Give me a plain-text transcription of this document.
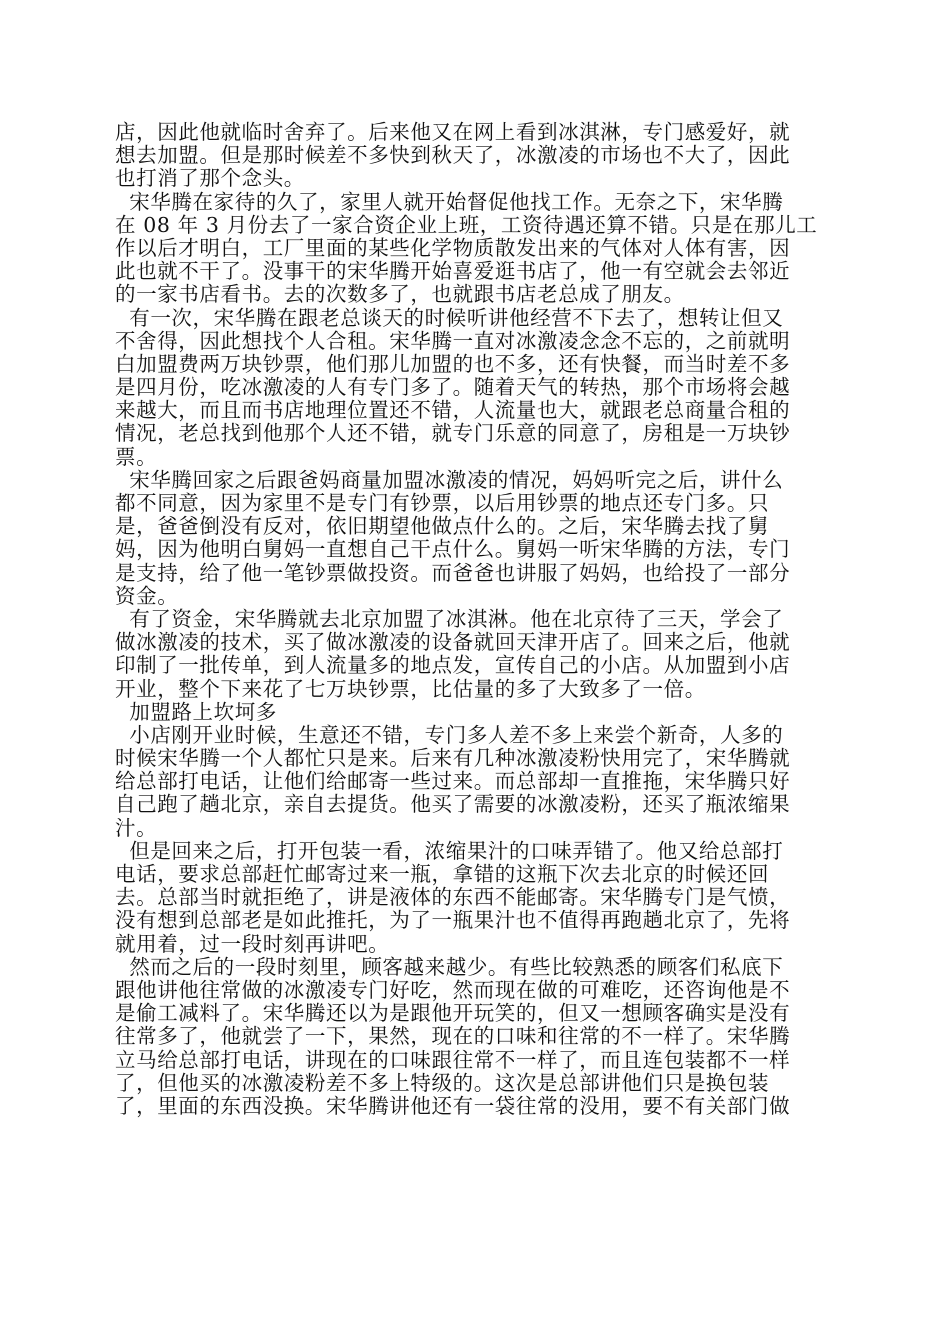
店，因此他就临时舍弃了。后来他又在网上看到冰淇淋，专门感爱好，就
想去加盟。但是那时候差不多快到秋天了，冰激凌的市场也不大了，因此
也打消了那个念头。
宋华腾在家待的久了，家里人就开始督促他找工作。无奈之下，宋华腾
在 08 年 3 月份去了一家合资企业上班，工资待遇还算不错。只是在那儿工
作以后才明白，工厂里面的某些化学物质散发出来的气体对人体有害，因
此也就不干了。没事干的宋华腾开始喜爱逛书店了，他一有空就会去邻近
的一家书店看书。去的次数多了，也就跟书店老总成了朋友。
有一次，宋华腾在跟老总谈天的时候听讲他经营不下去了，想转让但又
不舍得，因此想找个人合租。宋华腾一直对冰激凌念念不忘的，之前就明
白加盟费两万块钞票，他们那儿加盟的也不多，还有快餐，而当时差不多
是四月份，吃冰激凌的人有专门多了。随着天气的转热，那个市场将会越
来越大，而且而书店地理位置还不错，人流量也大，就跟老总商量合租的
情况，老总找到他那个人还不错，就专门乐意的同意了，房租是一万块钞
票。
宋华腾回家之后跟爸妈商量加盟冰激凌的情况，妈妈听完之后，讲什么
都不同意，因为家里不是专门有钞票，以后用钞票的地点还专门多。只
是，爸爸倒没有反对，依旧期望他做点什么的。之后，宋华腾去找了舅
妈，因为他明白舅妈一直想自己干点什么。舅妈一听宋华腾的方法，专门
是支持，给了他一笔钞票做投资。而爸爸也讲服了妈妈，也给投了一部分
资金。
有了资金，宋华腾就去北京加盟了冰淇淋。他在北京待了三天，学会了
做冰激凌的技术，买了做冰激凌的设备就回天津开店了。回来之后，他就
印制了一批传单，到人流量多的地点发，宣传自己的小店。从加盟到小店
开业，整个下来花了七万块钞票，比估量的多了大致多了一倍。
加盟路上坎坷多
小店刚开业时候，生意还不错，专门多人差不多上来尝个新奇，人多的
时候宋华腾一个人都忙只是来。后来有几种冰激凌粉快用完了，宋华腾就
给总部打电话，让他们给邮寄一些过来。而总部却一直推拖，宋华腾只好
自己跑了趟北京，亲自去提货。他买了需要的冰激凌粉，还买了瓶浓缩果
汁。
但是回来之后，打开包装一看，浓缩果汁的口味弄错了。他又给总部打
电话，要求总部赶忙邮寄过来一瓶，拿错的这瓶下次去北京的时候还回
去。总部当时就拒绝了，讲是液体的东西不能邮寄。宋华腾专门是气愤，
没有想到总部老是如此推托，为了一瓶果汁也不值得再跑趟北京了，先将
就用着，过一段时刻再讲吧。
然而之后的一段时刻里，顾客越来越少。有些比较熟悉的顾客们私底下
跟他讲他往常做的冰激凌专门好吃，然而现在做的可难吃，还咨询他是不
是偷工减料了。宋华腾还以为是跟他开玩笑的，但又一想顾客确实是没有
往常多了，他就尝了一下，果然，现在的口味和往常的不一样了。宋华腾
立马给总部打电话，讲现在的口味跟往常不一样了，而且连包装都不一样
了，但他买的冰激凌粉差不多上特级的。这次是总部讲他们只是换包装
了，里面的东西没换。宋华腾讲他还有一袋往常的没用，要不有关部门做
